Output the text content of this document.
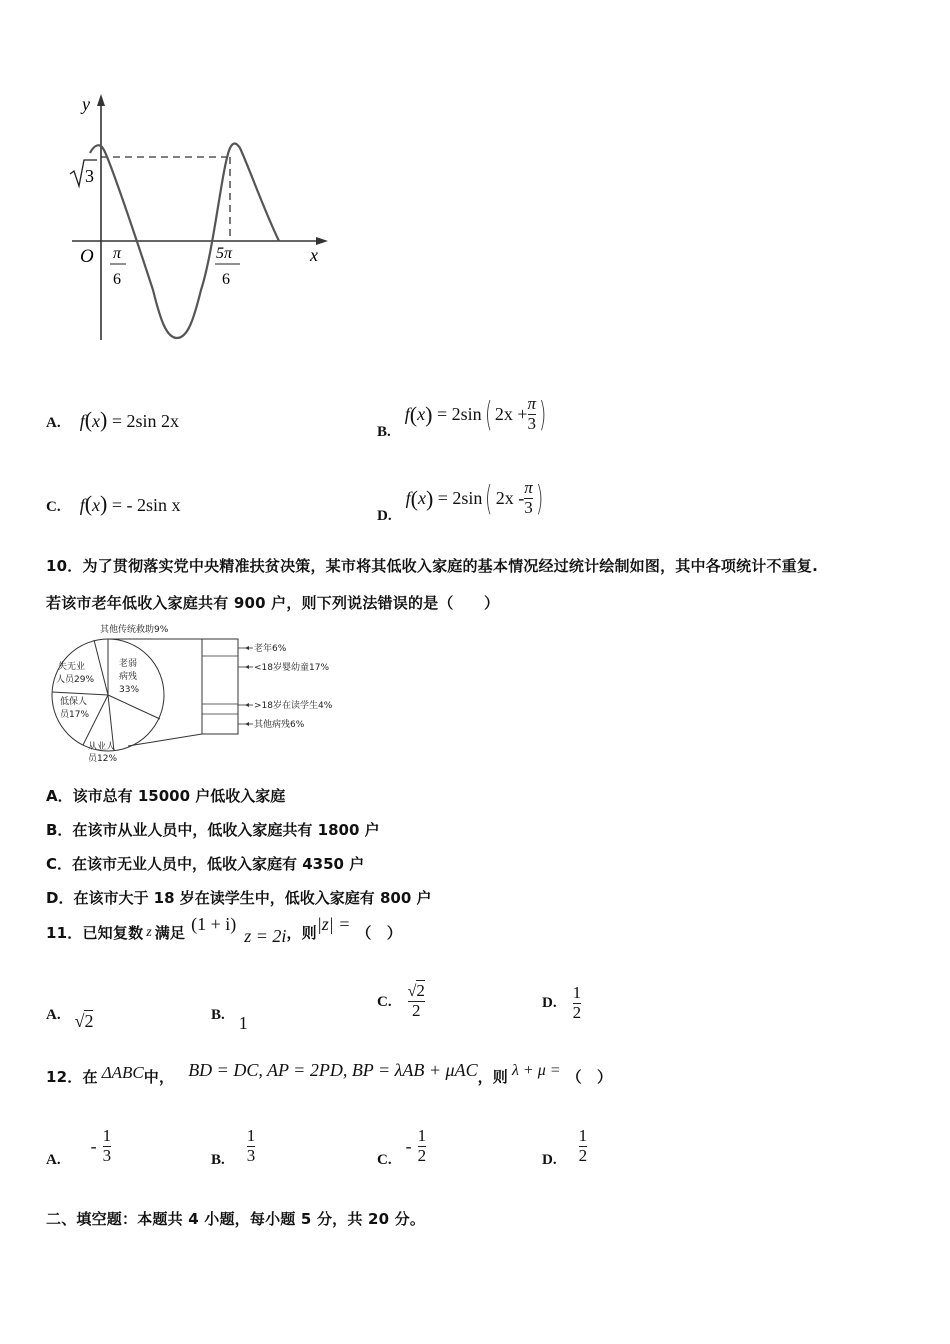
y
x
O
3
π
6
5π
6
A. f(x) = 2sin 2x
B.
f ( x ) = 2sin ( $2x + \frac{\pi}{3}$ )
C. f(x) = - 2sin x
D.
f ( x ) = 2sin ( $2x - \frac{\pi}{3}$ )
10．为了贯彻落实党中央精准扶贫决策，某市将其低收入家庭的基本情况经过统计绘制如图，其中各项统计不重复.
若该市老年低收入家庭共有 900 户，则下列说法错误的是（　　）
其他传统救助9%
失无业
人员29%
老弱
病残
33%
低保人
员17%
从业人
员12%
老年6%
<18岁婴幼童17%
>18岁在读学生4%
其他病残6%
A．该市总有 15000 户低收入家庭
B．在该市从业人员中，低收入家庭共有 1800 户
C．在该市无业人员中，低收入家庭有 4350 户
D．在该市大于 18 岁在读学生中，低收入家庭有 800 户
11．已知复数 z 满足 (1 + i)
z = 2i ，则 |z| = （　）
A. √2	B. 1
C. $\frac{√2}{2}$	D. $\frac{1}{2}$
12．在 ΔABC 中， BD = DC, AP = 2PD, BP = λAB + μAC ，则 λ + μ = （　）
A.
- $\frac{1}{3}$	B. $\frac{1}{3}$	C.
- $\frac{1}{2}$	D. $\frac{1}{2}$
二、填空题：本题共 4 小题，每小题 5 分，共 20 分。
